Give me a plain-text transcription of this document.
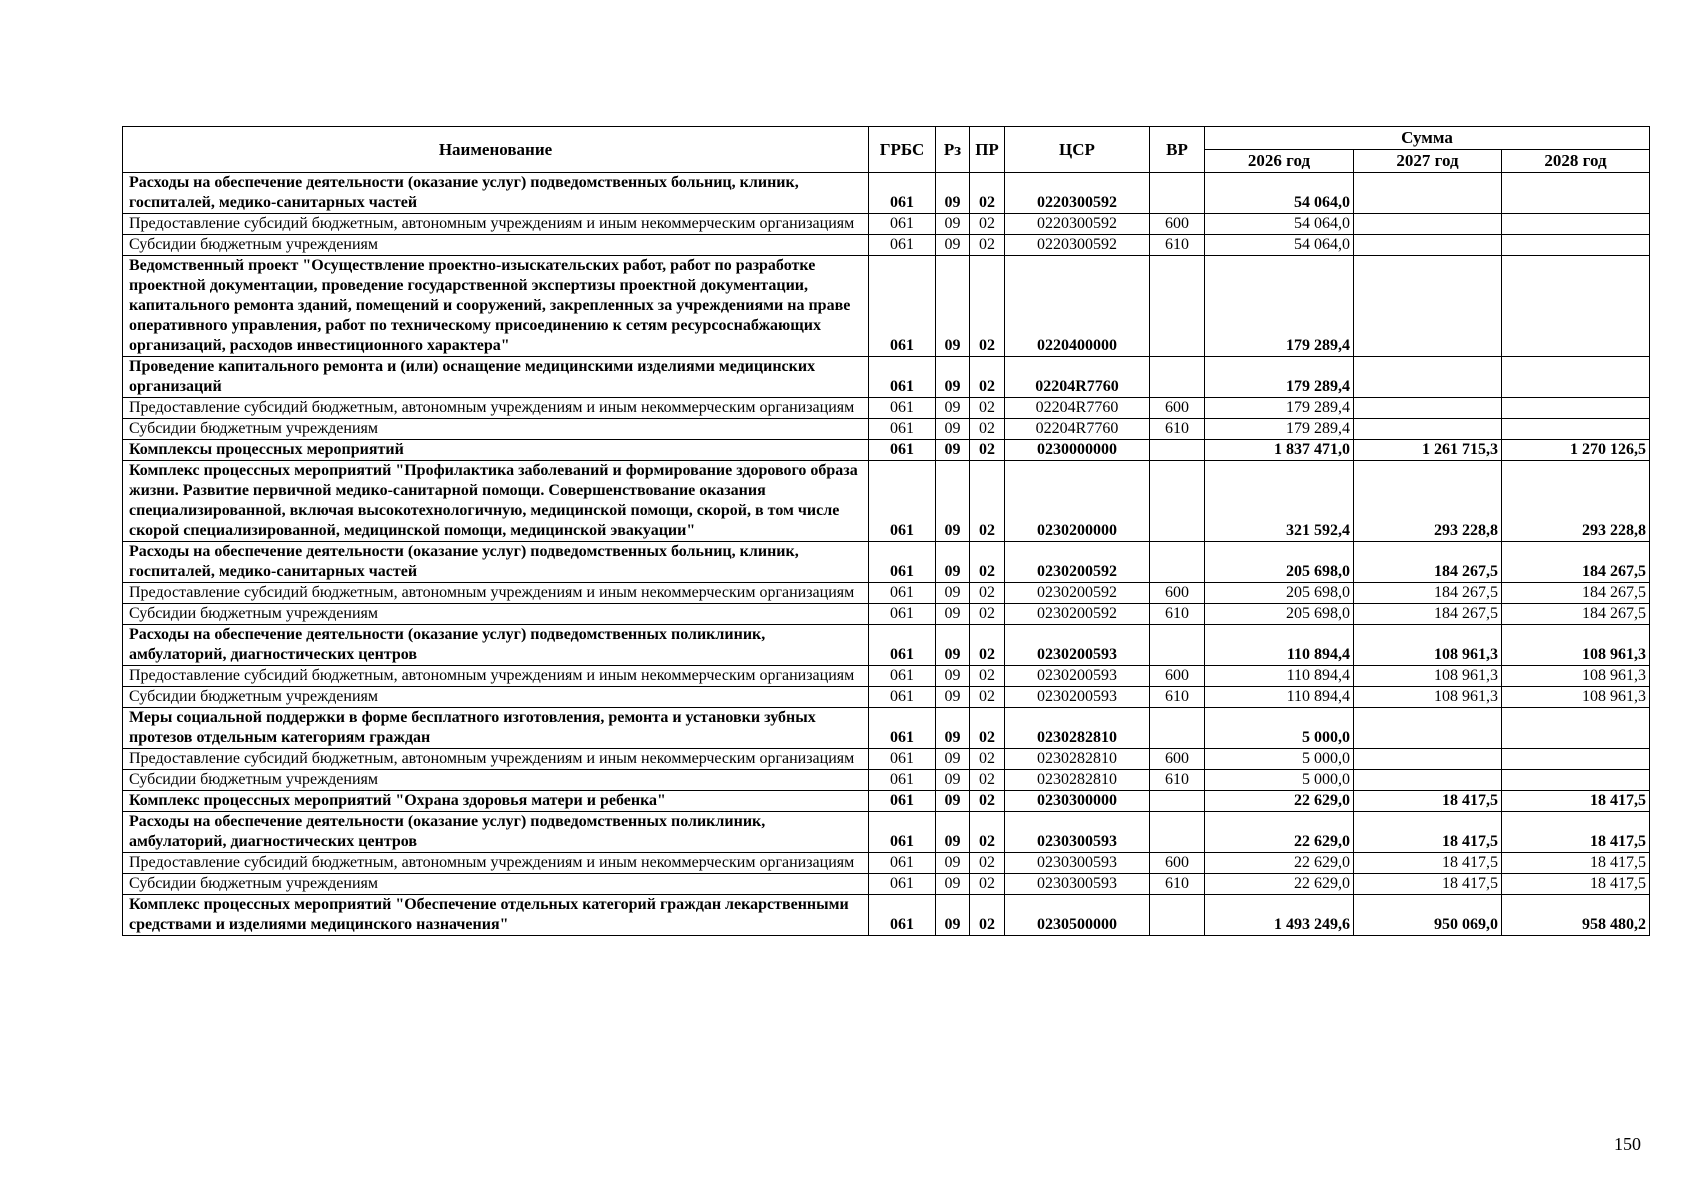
Наименование	ГРБС	Рз	ПР	ЦСР	ВР	Сумма		
						2026 год	2027 год	2028 год
Расходы на обеспечение деятельности (оказание услуг) подведомственных больниц, клиник, госпиталей, медико-санитарных частей	061	09	02	0220300592		54 064,0		
Предоставление субсидий бюджетным, автономным учреждениям и иным некоммерческим организациям	061	09	02	0220300592	600	54 064,0		
Субсидии бюджетным учреждениям	061	09	02	0220300592	610	54 064,0		
Ведомственный проект "Осуществление проектно-изыскательских работ, работ по разработке проектной документации, проведение государственной экспертизы проектной документации, капитального ремонта зданий, помещений и сооружений, закрепленных за учреждениями на праве оперативного управления, работ по техническому присоединению к сетям ресурсоснабжающих организаций, расходов инвестиционного характера"	061	09	02	0220400000		179 289,4		
Проведение капитального ремонта и (или) оснащение медицинскими изделиями медицинских организаций	061	09	02	02204R7760		179 289,4		
Предоставление субсидий бюджетным, автономным учреждениям и иным некоммерческим организациям	061	09	02	02204R7760	600	179 289,4		
Субсидии бюджетным учреждениям	061	09	02	02204R7760	610	179 289,4		
Комплексы процессных мероприятий	061	09	02	0230000000		1 837 471,0	1 261 715,3	1 270 126,5
Комплекс процессных мероприятий "Профилактика заболеваний и формирование здорового образа жизни. Развитие первичной медико-санитарной помощи. Совершенствование оказания специализированной, включая высокотехнологичную, медицинской помощи, скорой, в том числе скорой специализированной, медицинской помощи, медицинской эвакуации"	061	09	02	0230200000		321 592,4	293 228,8	293 228,8
Расходы на обеспечение деятельности (оказание услуг) подведомственных больниц, клиник, госпиталей, медико-санитарных частей	061	09	02	0230200592		205 698,0	184 267,5	184 267,5
Предоставление субсидий бюджетным, автономным учреждениям и иным некоммерческим организациям	061	09	02	0230200592	600	205 698,0	184 267,5	184 267,5
Субсидии бюджетным учреждениям	061	09	02	0230200592	610	205 698,0	184 267,5	184 267,5
Расходы на обеспечение деятельности (оказание услуг) подведомственных поликлиник, амбулаторий, диагностических центров	061	09	02	0230200593		110 894,4	108 961,3	108 961,3
Предоставление субсидий бюджетным, автономным учреждениям и иным некоммерческим организациям	061	09	02	0230200593	600	110 894,4	108 961,3	108 961,3
Субсидии бюджетным учреждениям	061	09	02	0230200593	610	110 894,4	108 961,3	108 961,3
Меры социальной поддержки в форме бесплатного изготовления, ремонта и установки зубных протезов отдельным категориям граждан	061	09	02	0230282810		5 000,0		
Предоставление субсидий бюджетным, автономным учреждениям и иным некоммерческим организациям	061	09	02	0230282810	600	5 000,0		
Субсидии бюджетным учреждениям	061	09	02	0230282810	610	5 000,0		
Комплекс процессных мероприятий "Охрана здоровья матери и ребенка"	061	09	02	0230300000		22 629,0	18 417,5	18 417,5
Расходы на обеспечение деятельности (оказание услуг) подведомственных поликлиник, амбулаторий, диагностических центров	061	09	02	0230300593		22 629,0	18 417,5	18 417,5
Предоставление субсидий бюджетным, автономным учреждениям и иным некоммерческим организациям	061	09	02	0230300593	600	22 629,0	18 417,5	18 417,5
Субсидии бюджетным учреждениям	061	09	02	0230300593	610	22 629,0	18 417,5	18 417,5
Комплекс процессных мероприятий "Обеспечение отдельных категорий граждан лекарственными средствами и изделиями медицинского назначения"	061	09	02	0230500000		1 493 249,6	950 069,0	958 480,2
150
